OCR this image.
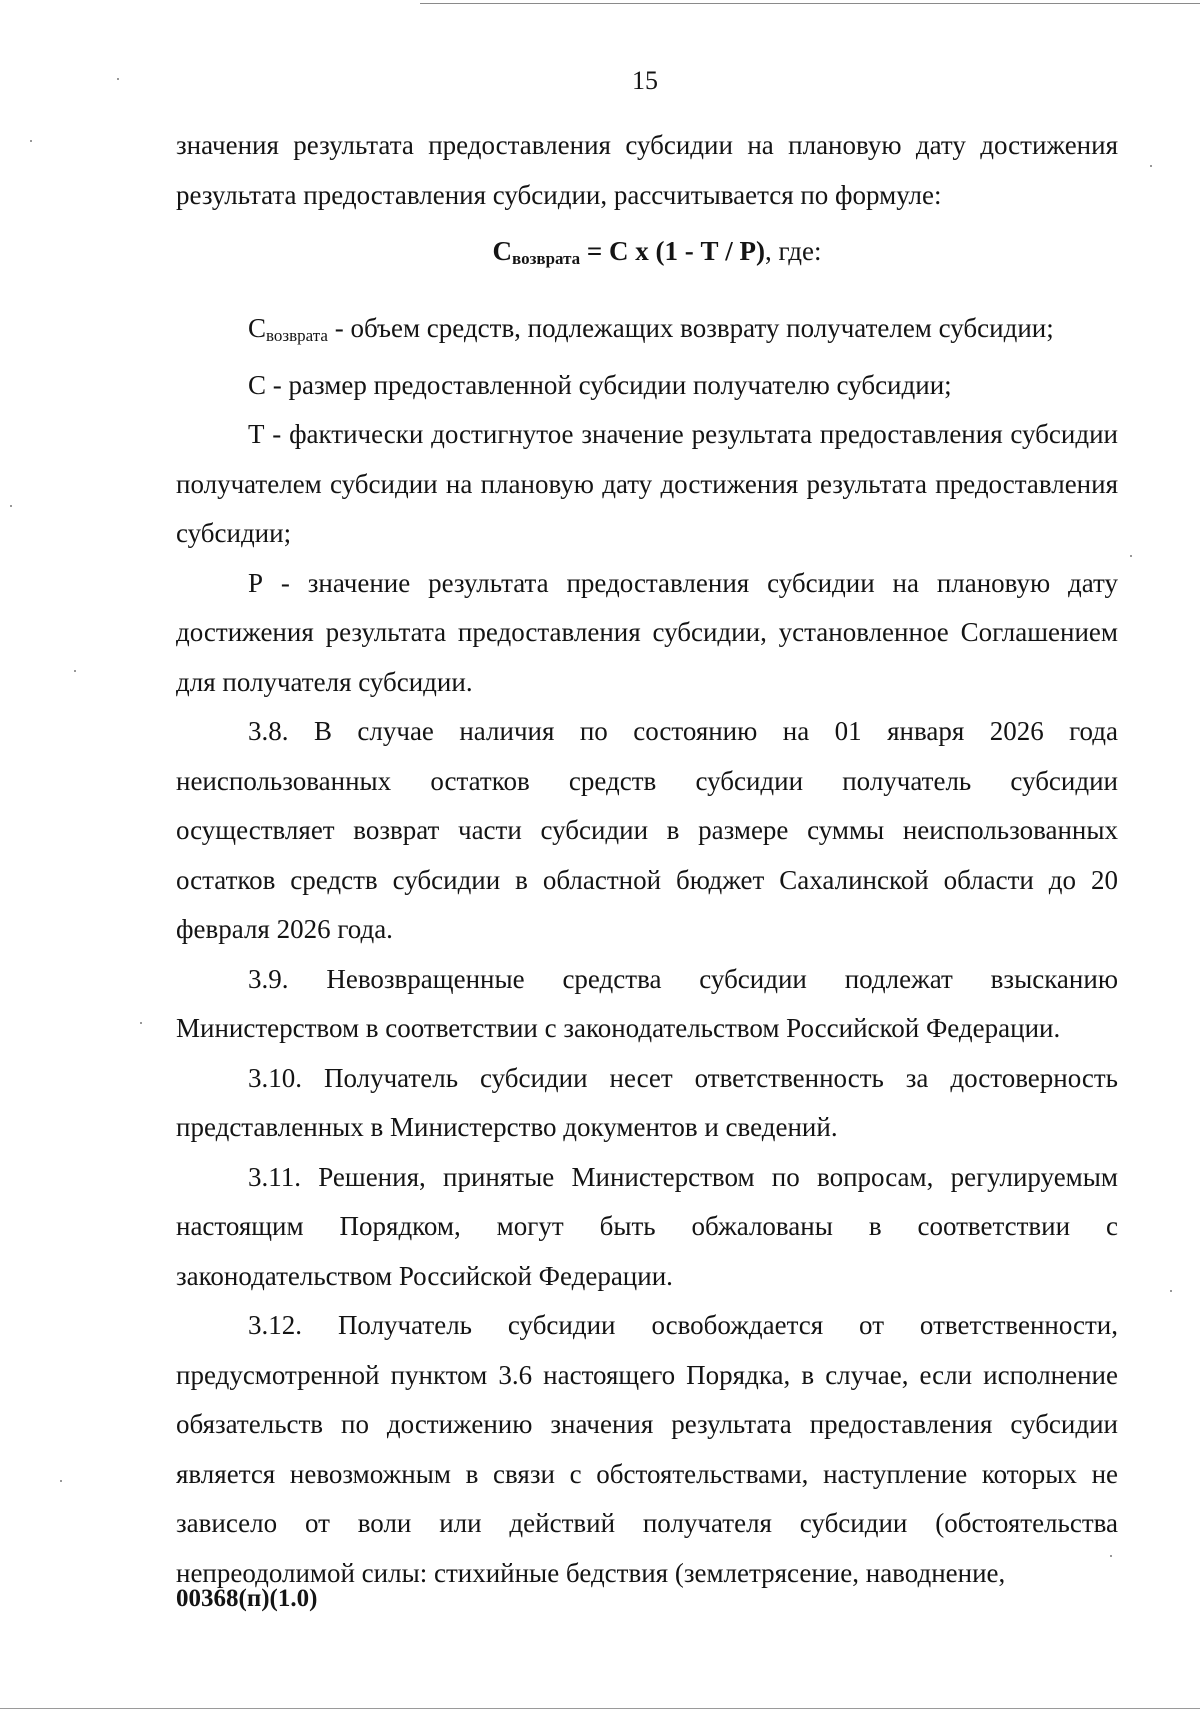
15

значения результата предоставления субсидии на плановую дату достижения результата предоставления субсидии, рассчитывается по формуле:

$С_{возврата} = С$ х (1 - Т / Р), где:

$С_{возврата}$ - объем средств, подлежащих возврату получателем субсидии;

С - размер предоставленной субсидии получателю субсидии;

Т - фактически достигнутое значение результата предоставления субсидии получателем субсидии на плановую дату достижения результата предоставления субсидии;

Р - значение результата предоставления субсидии на плановую дату достижения результата предоставления субсидии, установленное Соглашением для получателя субсидии.

3.8. В случае наличия по состоянию на 01 января 2026 года неиспользованных остатков средств субсидии получатель субсидии осуществляет возврат части субсидии в размере суммы неиспользованных остатков средств субсидии в областной бюджет Сахалинской области до 20 февраля 2026 года.

3.9. Невозвращенные средства субсидии подлежат взысканию Министерством в соответствии с законодательством Российской Федерации.

3.10. Получатель субсидии несет ответственность за достоверность представленных в Министерство документов и сведений.

3.11. Решения, принятые Министерством по вопросам, регулируемым настоящим Порядком, могут быть обжалованы в соответствии с законодательством Российской Федерации.

3.12. Получатель субсидии освобождается от ответственности, предусмотренной пунктом 3.6 настоящего Порядка, в случае, если исполнение обязательств по достижению значения результата предоставления субсидии является невозможным в связи с обстоятельствами, наступление которых не зависело от воли или действий получателя субсидии (обстоятельства непреодолимой силы: стихийные бедствия (землетрясение, наводнение,

00368(п)(1.0)
